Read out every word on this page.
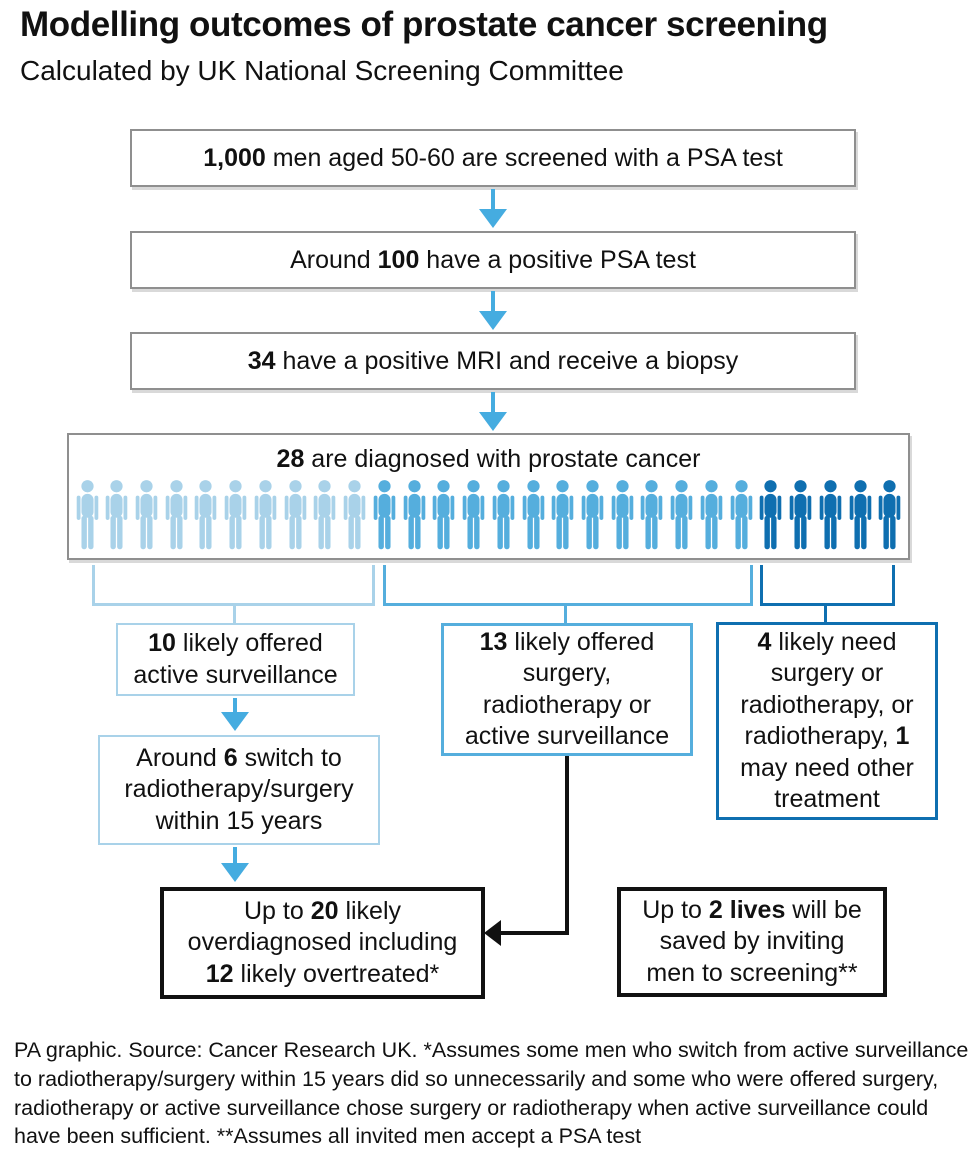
Modelling outcomes of prostate cancer screening
Calculated by UK National Screening Committee
1,000 men aged 50-60 are screened with a PSA test
Around 100 have a positive PSA test
34 have a positive MRI and receive a biopsy
28 are diagnosed with prostate cancer
10 likely offered
active surveillance
Around 6 switch to
radiotherapy/surgery
within 15 years
13 likely offered
surgery,
radiotherapy or
active surveillance
4 likely need
surgery or
radiotherapy, or
radiotherapy, 1
may need other
treatment
Up to 20 likely
overdiagnosed including
12 likely overtreated*
Up to 2 lives will be
saved by inviting
men to screening**
PA graphic. Source: Cancer Research UK. *Assumes some men who switch from active surveillance to radiotherapy/surgery within 15 years did so unnecessarily and some who were offered surgery, radiotherapy or active surveillance chose surgery or radiotherapy when active surveillance could have been sufficient. **Assumes all invited men accept a PSA test
